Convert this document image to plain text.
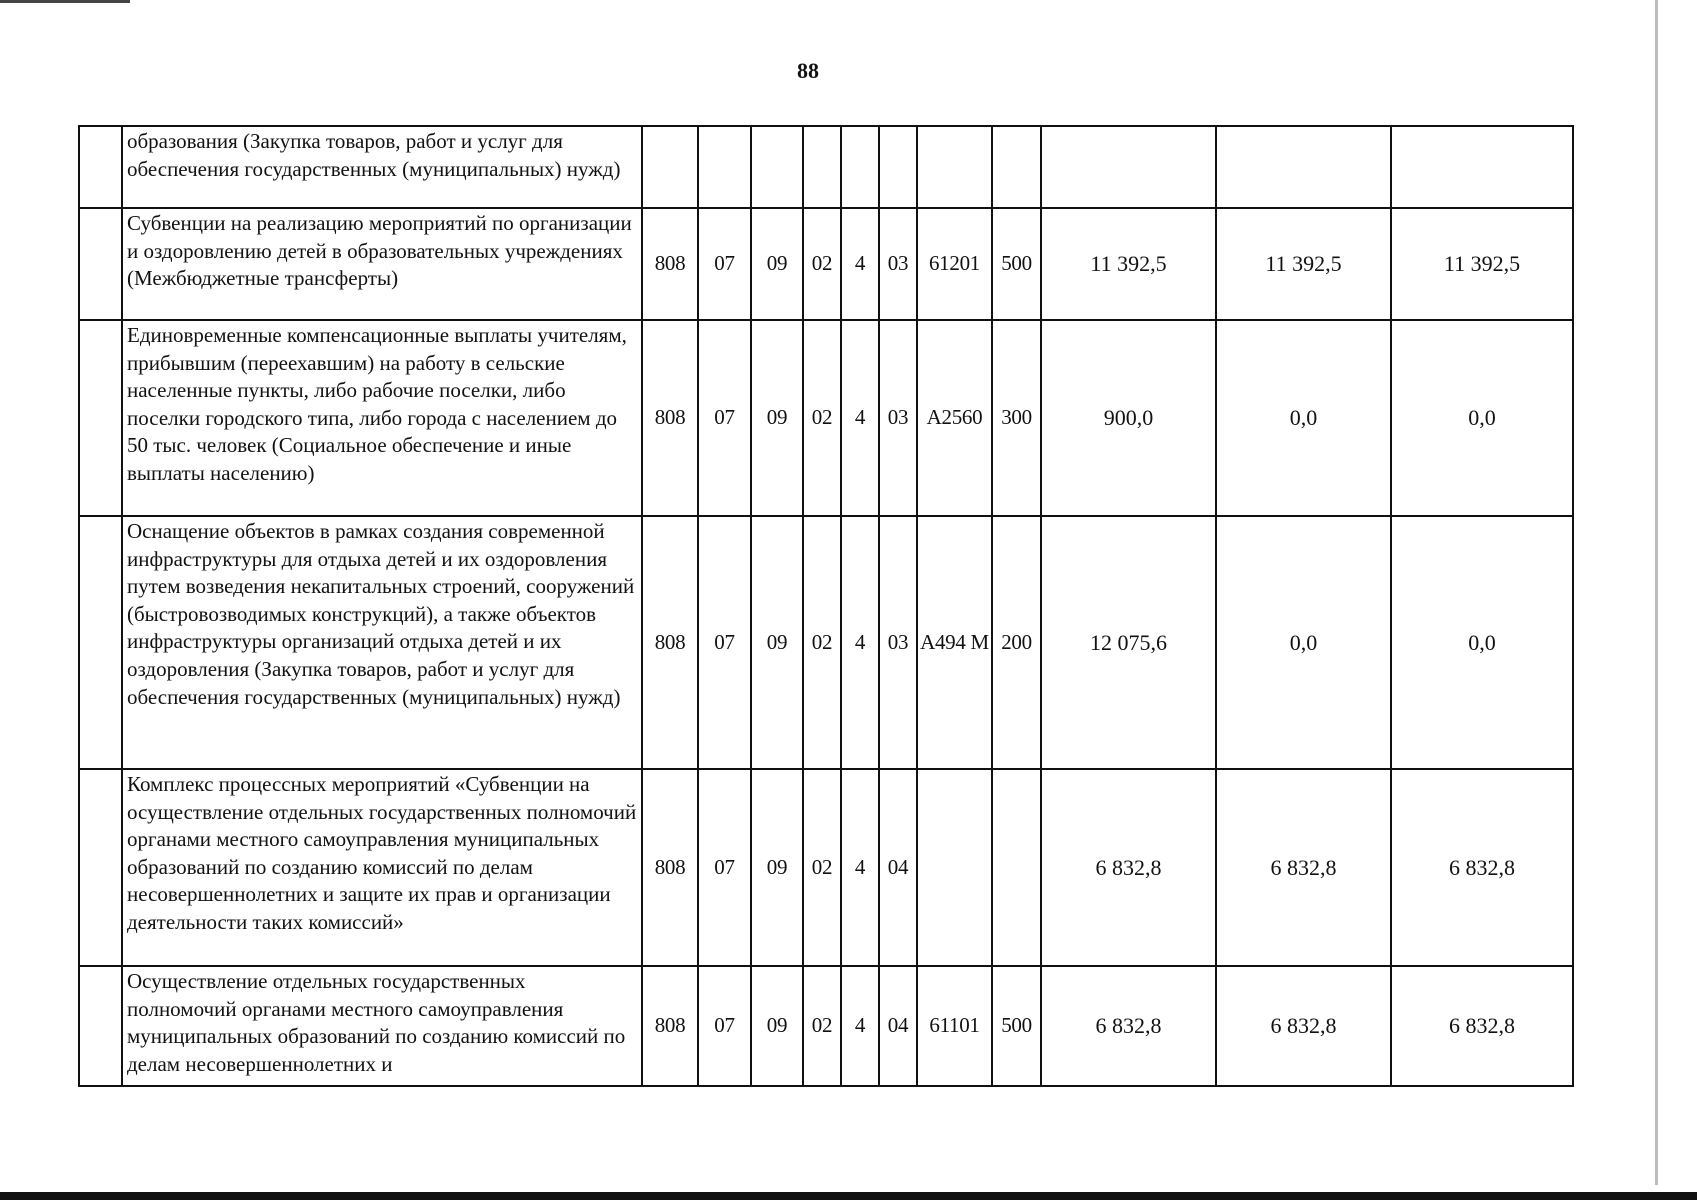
88
	образования (Закупка товаров, работ и услуг для обеспечения государственных (муниципальных) нужд)											
	Субвенции на реализацию мероприятий по организации и оздоровлению детей в образовательных учреждениях (Межбюджетные трансферты)	808	07	09	02	4	03	61201	500	11 392,5	11 392,5	11 392,5
	Единовременные компенсационные выплаты учителям, прибывшим (переехавшим) на работу в сельские населенные пункты, либо рабочие поселки, либо поселки городского типа, либо города с населением до 50 тыс. человек (Социальное обеспечение и иные выплаты населению)	808	07	09	02	4	03	A2560	300	900,0	0,0	0,0
	Оснащение объектов в рамках создания современной инфраструктуры для отдыха детей и их оздоровления путем возведения некапитальных строений, сооружений (быстровозводимых конструкций), а также объектов инфраструктуры организаций отдыха детей и их оздоровления (Закупка товаров, работ и услуг для обеспечения государственных (муниципальных) нужд)	808	07	09	02	4	03	A494 M	200	12 075,6	0,0	0,0
	Комплекс процессных мероприятий «Субвенции на осуществление отдельных государственных полномочий органами местного самоуправления муниципальных образований по созданию комиссий по делам несовершеннолетних и защите их прав и организации деятельности таких комиссий»	808	07	09	02	4	04			6 832,8	6 832,8	6 832,8
	Осуществление отдельных государственных полномочий органами местного самоуправления муниципальных образований по созданию комиссий по делам несовершеннолетних и	808	07	09	02	4	04	61101	500	6 832,8	6 832,8	6 832,8
